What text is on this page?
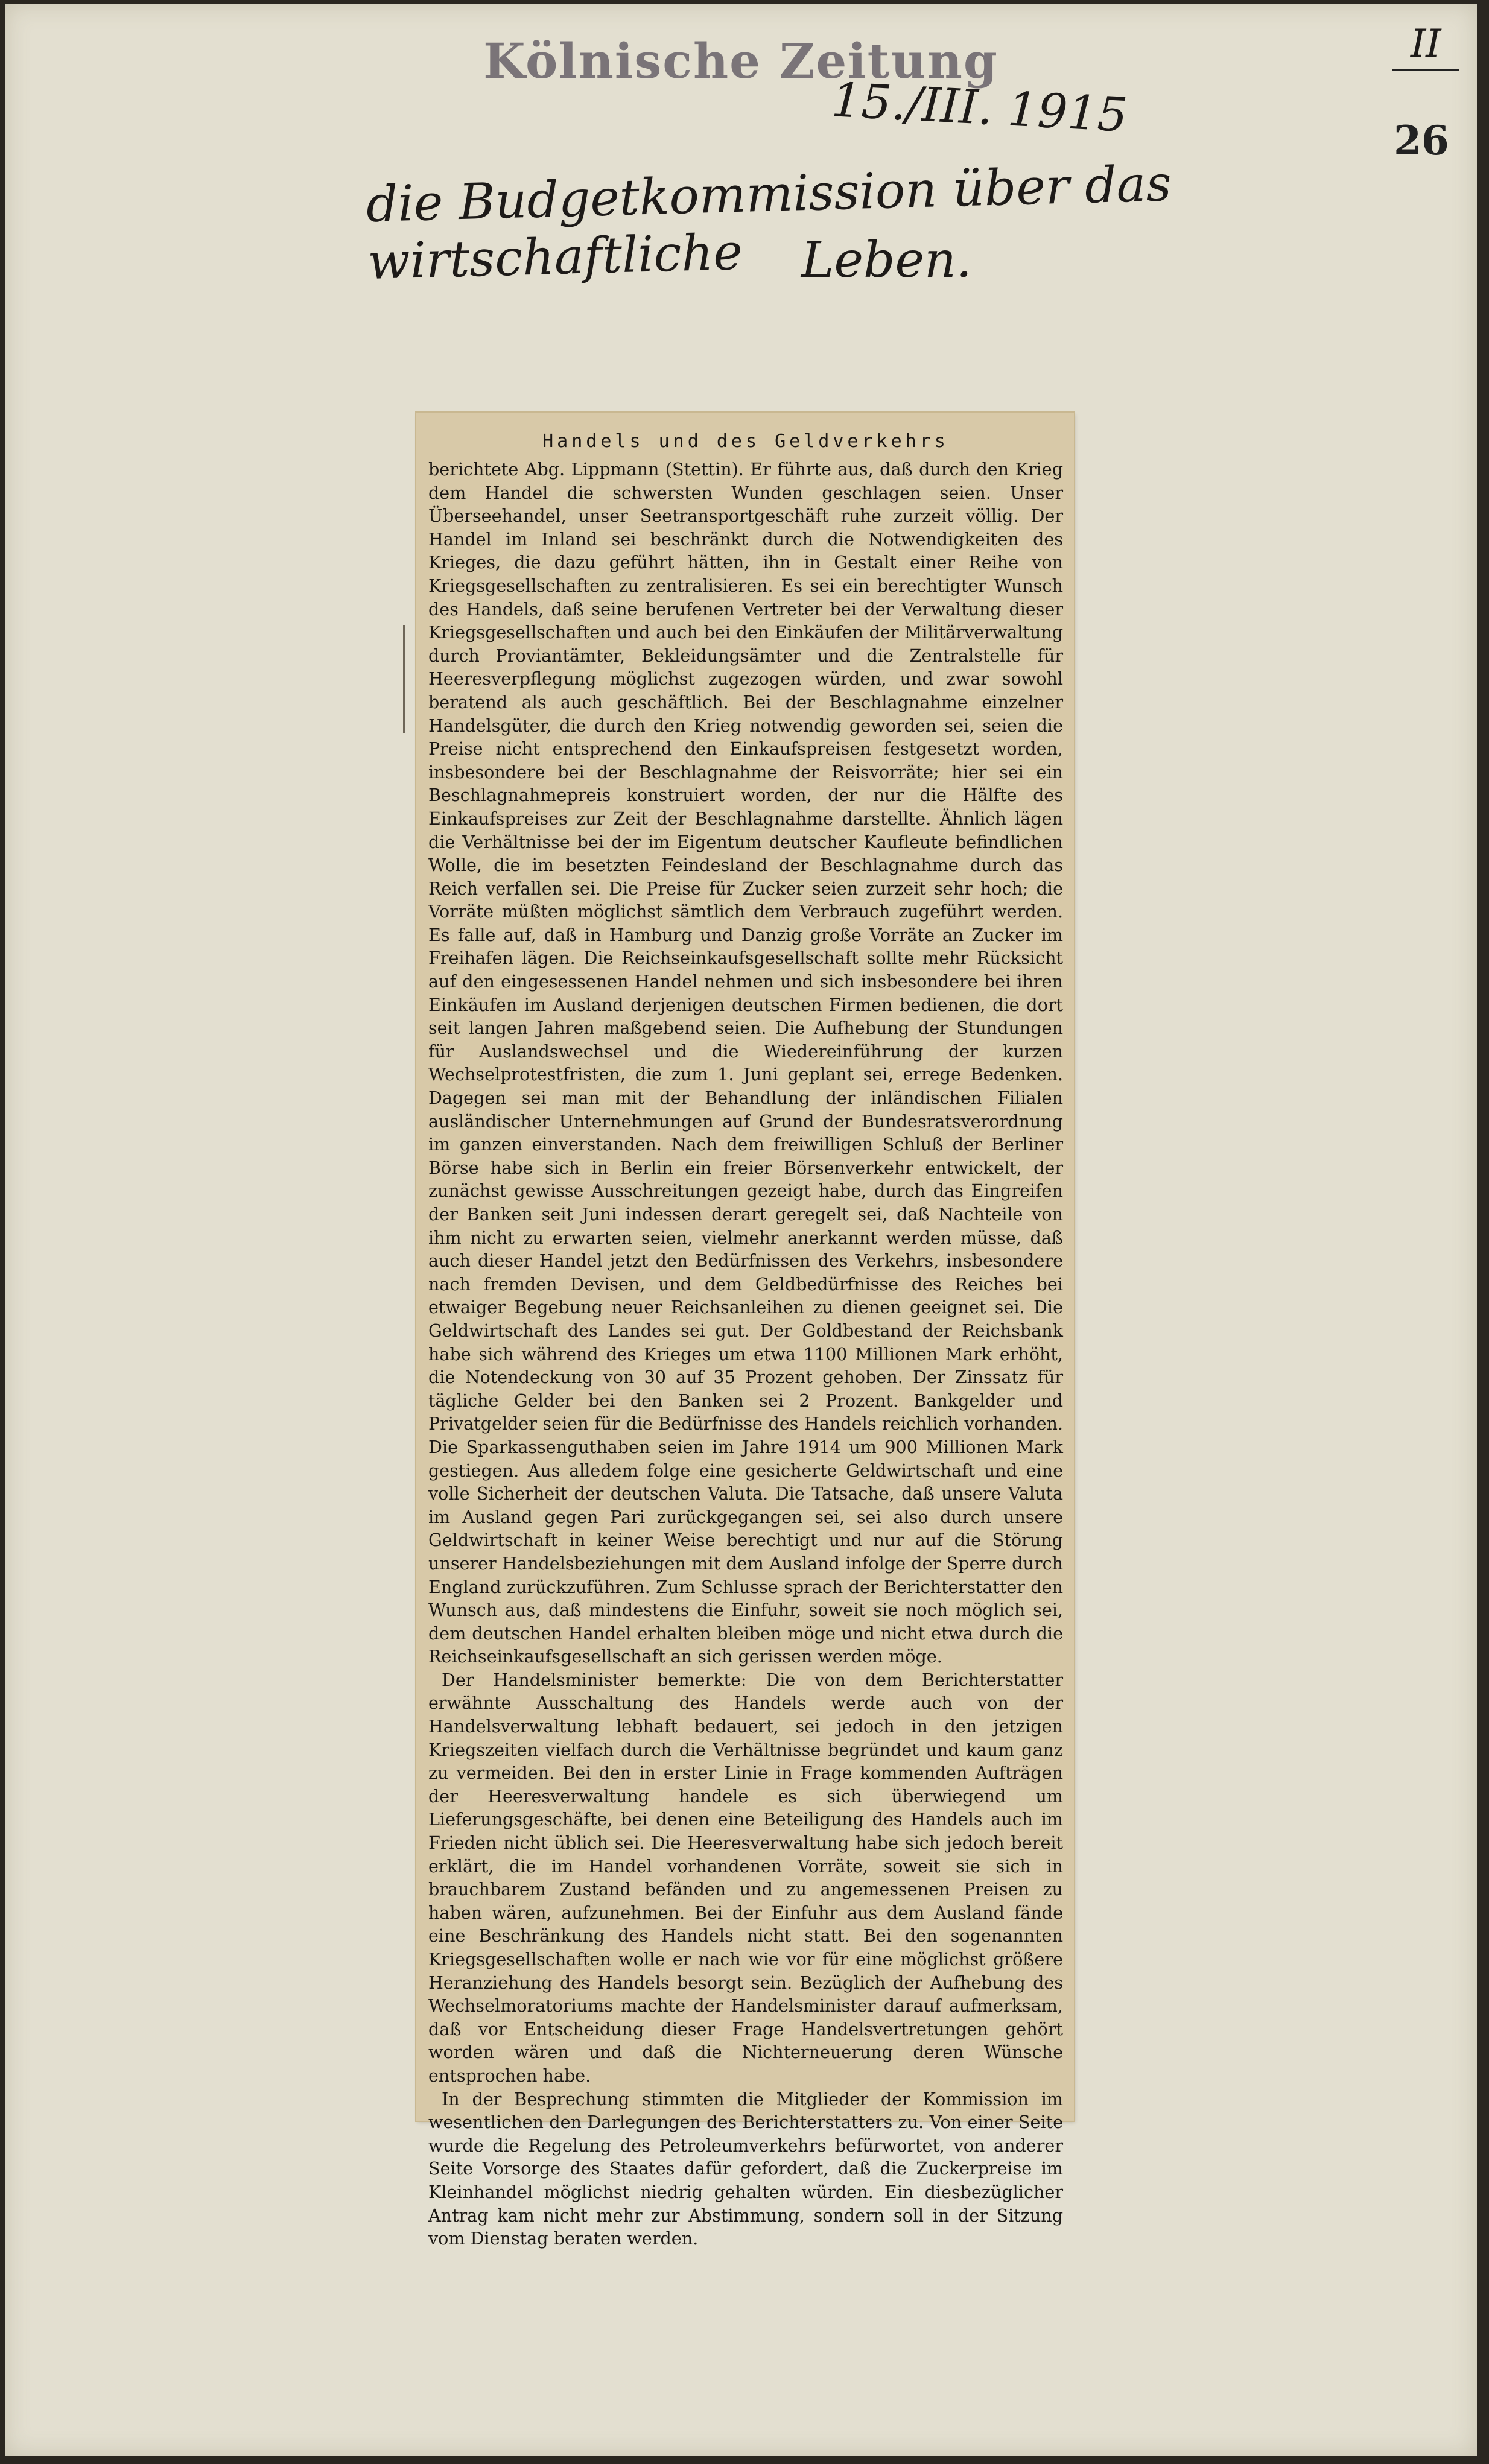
Kölnische Zeitung
15./III. 1915
II
26
die Budgetkommission über das wirtschaftliche	Leben.
Handels und des Geldverkehrs

berichtete Abg. Lippmann (Stettin). Er führte aus, daß durch den Krieg dem Handel die schwersten Wunden geschlagen seien. Unser Überseehandel, unser Seetransportgeschäft ruhe zurzeit völlig. Der Handel im Inland sei beschränkt durch die Notwendigkeiten des Krieges, die dazu geführt hätten, ihn in Gestalt einer Reihe von Kriegsgesellschaften zu zentralisieren. Es sei ein berechtigter Wunsch des Handels, daß seine berufenen Vertreter bei der Verwaltung dieser Kriegsgesellschaften und auch bei den Einkäufen der Militärverwaltung durch Proviantämter, Bekleidungsämter und die Zentralstelle für Heeresverpflegung möglichst zugezogen würden, und zwar sowohl beratend als auch geschäftlich. Bei der Beschlagnahme einzelner Handelsgüter, die durch den Krieg notwendig geworden sei, seien die Preise nicht entsprechend den Einkaufspreisen festgesetzt worden, insbesondere bei der Beschlagnahme der Reisvorräte; hier sei ein Beschlagnahmepreis konstruiert worden, der nur die Hälfte des Einkaufspreises zur Zeit der Beschlagnahme darstellte. Ähnlich lägen die Verhältnisse bei der im Eigentum deutscher Kaufleute befindlichen Wolle, die im besetzten Feindesland der Beschlagnahme durch das Reich verfallen sei. Die Preise für Zucker seien zurzeit sehr hoch; die Vorräte müßten möglichst sämtlich dem Verbrauch zugeführt werden. Es falle auf, daß in Hamburg und Danzig große Vorräte an Zucker im Freihafen lägen. Die Reichseinkaufsgesellschaft sollte mehr Rücksicht auf den eingesessenen Handel nehmen und sich insbesondere bei ihren Einkäufen im Ausland derjenigen deutschen Firmen bedienen, die dort seit langen Jahren maßgebend seien. Die Aufhebung der Stundungen für Auslandswechsel und die Wiedereinführung der kurzen Wechselprotestfristen, die zum 1. Juni geplant sei, errege Bedenken. Dagegen sei man mit der Behandlung der inländischen Filialen ausländischer Unternehmungen auf Grund der Bundesratsverordnung im ganzen einverstanden. Nach dem freiwilligen Schluß der Berliner Börse habe sich in Berlin ein freier Börsenverkehr entwickelt, der zunächst gewisse Ausschreitungen gezeigt habe, durch das Eingreifen der Banken seit Juni indessen derart geregelt sei, daß Nachteile von ihm nicht zu erwarten seien, vielmehr anerkannt werden müsse, daß auch dieser Handel jetzt den Bedürfnissen des Verkehrs, insbesondere nach fremden Devisen, und dem Geldbedürfnisse des Reiches bei etwaiger Begebung neuer Reichsanleihen zu dienen geeignet sei. Die Geldwirtschaft des Landes sei gut. Der Goldbestand der Reichsbank habe sich während des Krieges um etwa 1100 Millionen Mark erhöht, die Notendeckung von 30 auf 35 Prozent gehoben. Der Zinssatz für tägliche Gelder bei den Banken sei 2 Prozent. Bankgelder und Privatgelder seien für die Bedürfnisse des Handels reichlich vorhanden. Die Sparkassenguthaben seien im Jahre 1914 um 900 Millionen Mark gestiegen. Aus alledem folge eine gesicherte Geldwirtschaft und eine volle Sicherheit der deutschen Valuta. Die Tatsache, daß unsere Valuta im Ausland gegen Pari zurückgegangen sei, sei also durch unsere Geldwirtschaft in keiner Weise berechtigt und nur auf die Störung unserer Handelsbeziehungen mit dem Ausland infolge der Sperre durch England zurückzuführen. Zum Schlusse sprach der Berichterstatter den Wunsch aus, daß mindestens die Einfuhr, soweit sie noch möglich sei, dem deutschen Handel erhalten bleiben möge und nicht etwa durch die Reichseinkaufsgesellschaft an sich gerissen werden möge.

Der Handelsminister bemerkte: Die von dem Berichterstatter erwähnte Ausschaltung des Handels werde auch von der Handelsverwaltung lebhaft bedauert, sei jedoch in den jetzigen Kriegszeiten vielfach durch die Verhältnisse begründet und kaum ganz zu vermeiden. Bei den in erster Linie in Frage kommenden Aufträgen der Heeresverwaltung handele es sich überwiegend um Lieferungsgeschäfte, bei denen eine Beteiligung des Handels auch im Frieden nicht üblich sei. Die Heeresverwaltung habe sich jedoch bereit erklärt, die im Handel vorhandenen Vorräte, soweit sie sich in brauchbarem Zustand befänden und zu angemessenen Preisen zu haben wären, aufzunehmen. Bei der Einfuhr aus dem Ausland fände eine Beschränkung des Handels nicht statt. Bei den sogenannten Kriegsgesellschaften wolle er nach wie vor für eine möglichst größere Heranziehung des Handels besorgt sein. Bezüglich der Aufhebung des Wechselmoratoriums machte der Handelsminister darauf aufmerksam, daß vor Entscheidung dieser Frage Handelsvertretungen gehört worden wären und daß die Nichterneuerung deren Wünsche entsprochen habe.

In der Besprechung stimmten die Mitglieder der Kommission im wesentlichen den Darlegungen des Berichterstatters zu. Von einer Seite wurde die Regelung des Petroleumverkehrs befürwortet, von anderer Seite Vorsorge des Staates dafür gefordert, daß die Zuckerpreise im Kleinhandel möglichst niedrig gehalten würden. Ein diesbezüglicher Antrag kam nicht mehr zur Abstimmung, sondern soll in der Sitzung vom Dienstag beraten werden.
